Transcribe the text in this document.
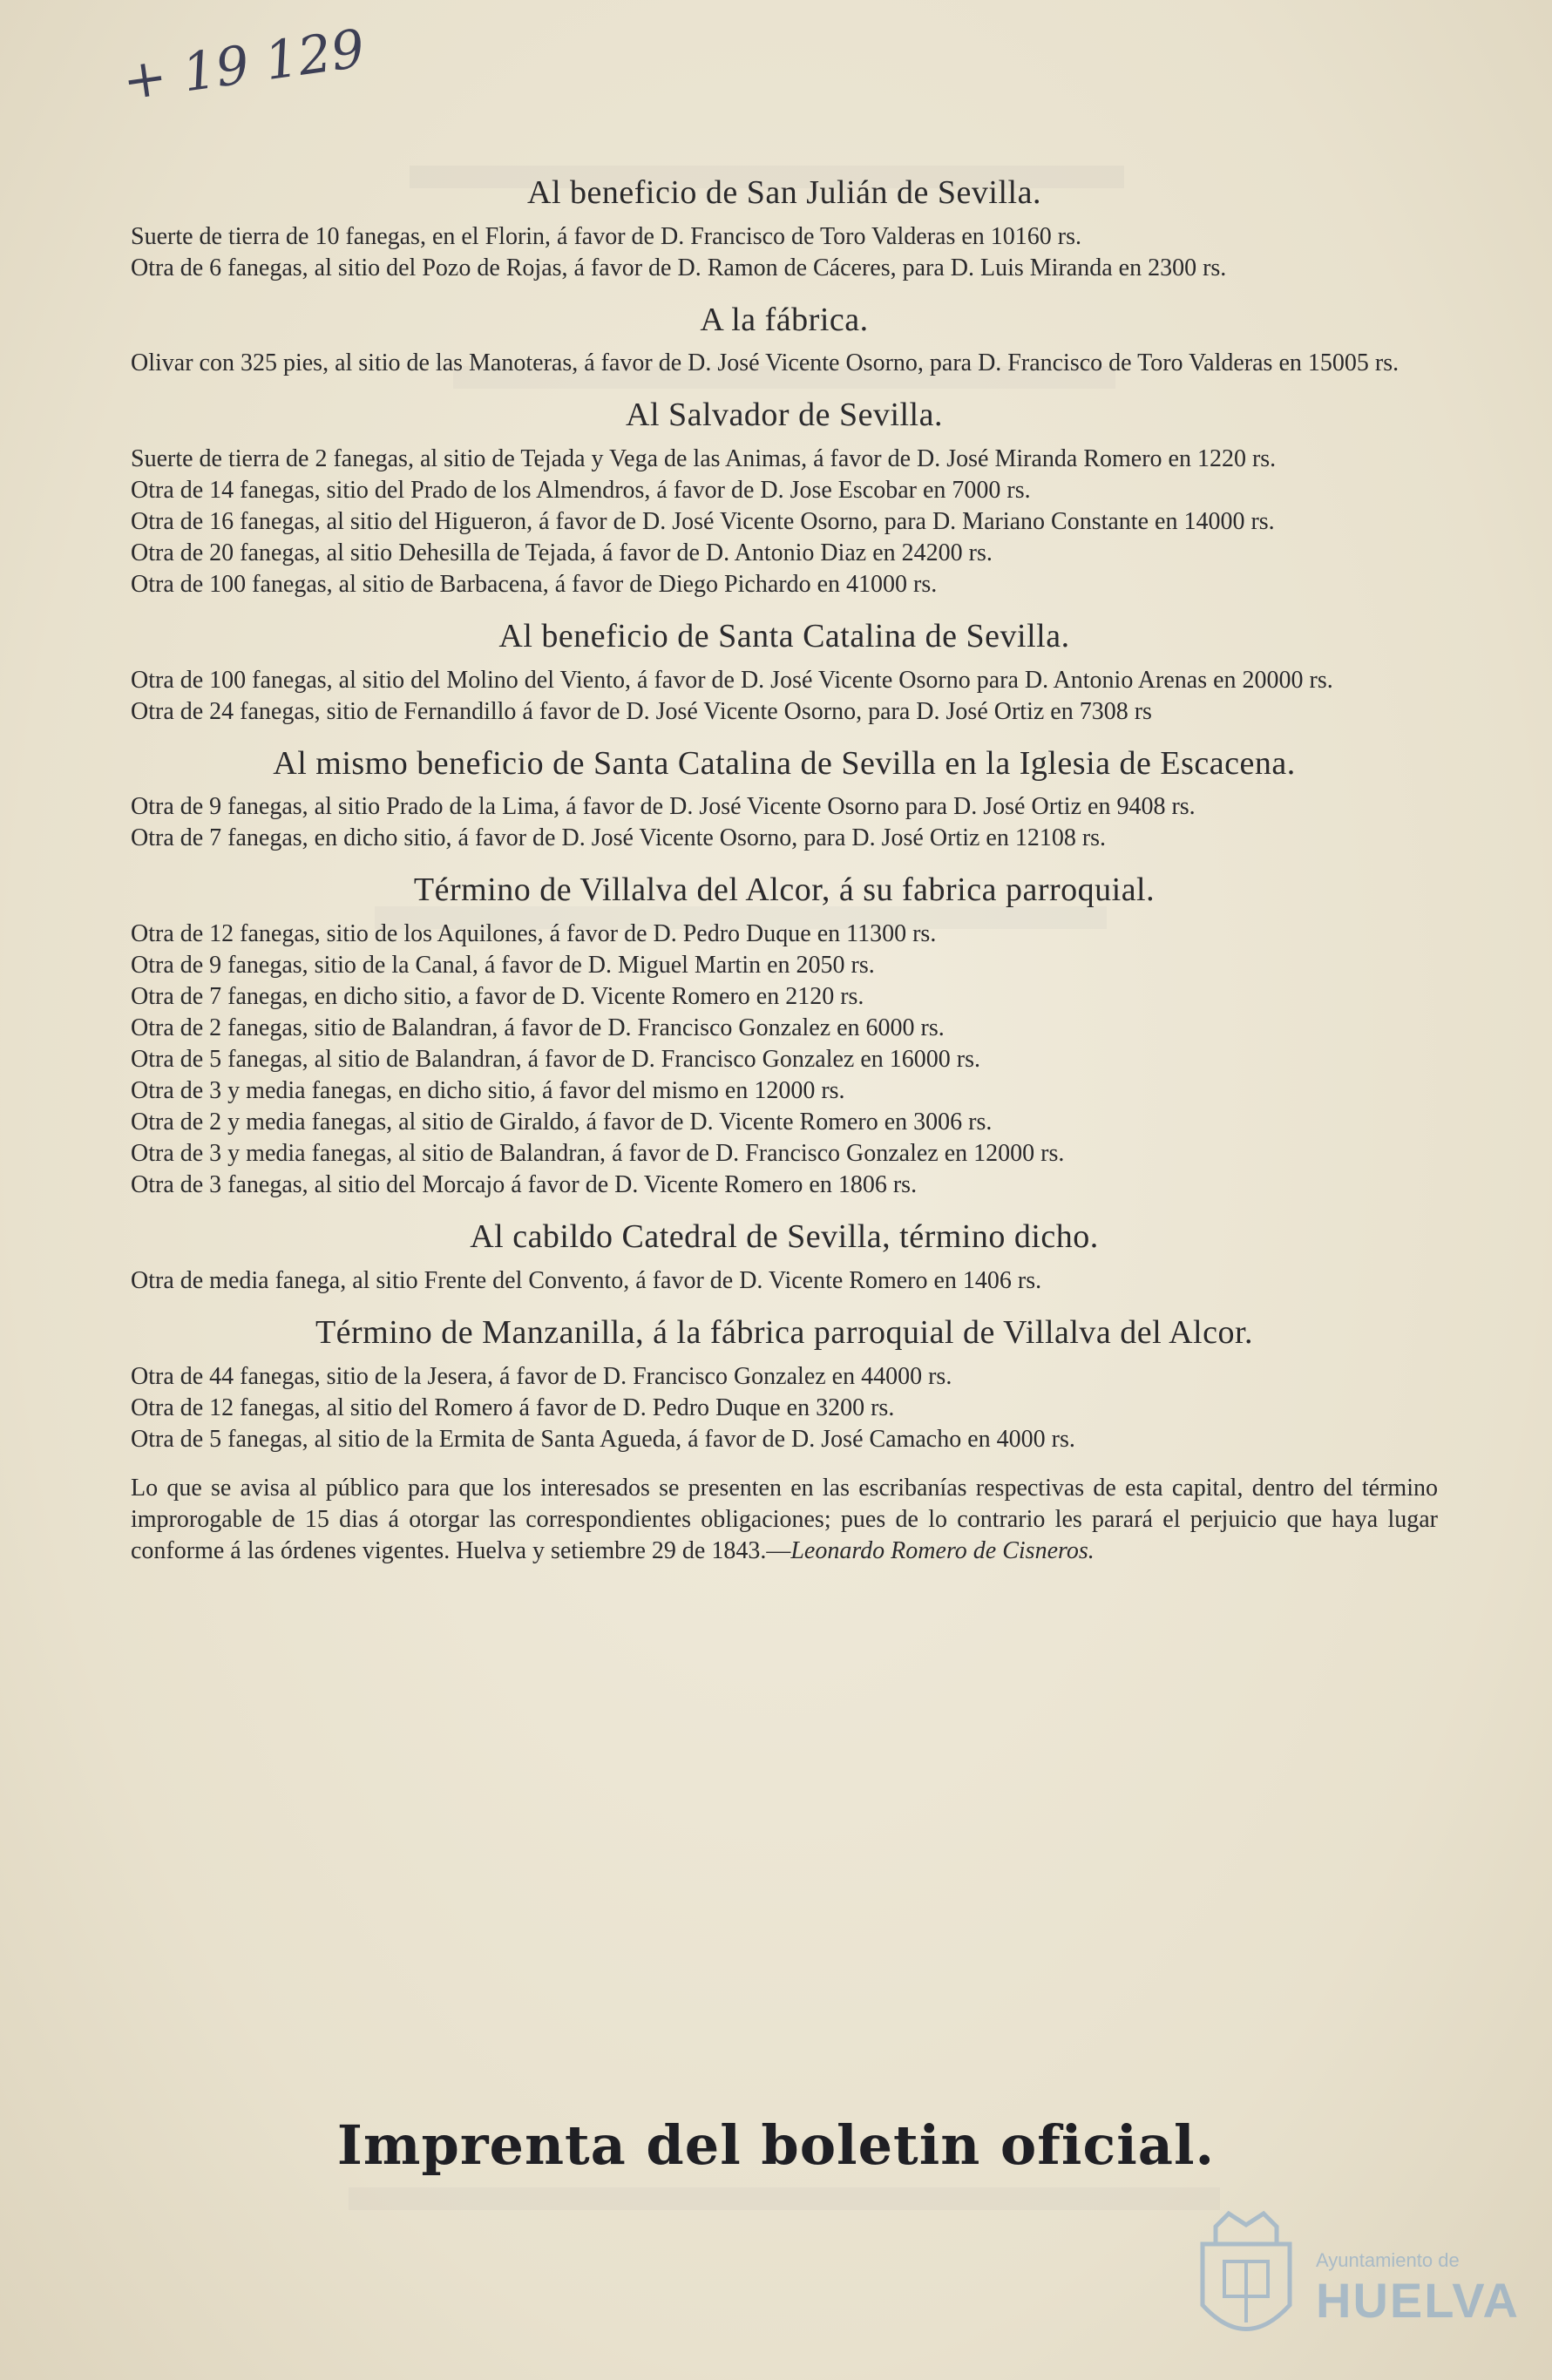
+ 19 129

Al beneficio de San Julián de Sevilla.

Suerte de tierra de 10 fanegas, en el Florin, á favor de D. Francisco de Toro Valderas en 10160 rs.

Otra de 6 fanegas, al sitio del Pozo de Rojas, á favor de D. Ramon de Cáceres, para D. Luis Miranda en 2300 rs.

A la fábrica.

Olivar con 325 pies, al sitio de las Manoteras, á favor de D. José Vicente Osorno, para D. Francisco de Toro Valderas en 15005 rs.

Al Salvador de Sevilla.

Suerte de tierra de 2 fanegas, al sitio de Tejada y Vega de las Animas, á favor de D. José Miranda Romero en 1220 rs.

Otra de 14 fanegas, sitio del Prado de los Almendros, á favor de D. Jose Escobar en 7000 rs.

Otra de 16 fanegas, al sitio del Higueron, á favor de D. José Vicente Osorno, para D. Mariano Constante en 14000 rs.

Otra de 20 fanegas, al sitio Dehesilla de Tejada, á favor de D. Antonio Diaz en 24200 rs.

Otra de 100 fanegas, al sitio de Barbacena, á favor de Diego Pichardo en 41000 rs.

Al beneficio de Santa Catalina de Sevilla.

Otra de 100 fanegas, al sitio del Molino del Viento, á favor de D. José Vicente Osorno para D. Antonio Arenas en 20000 rs.

Otra de 24 fanegas, sitio de Fernandillo á favor de D. José Vicente Osorno, para D. José Ortiz en 7308 rs

Al mismo beneficio de Santa Catalina de Sevilla en la Iglesia de Escacena.

Otra de 9 fanegas, al sitio Prado de la Lima, á favor de D. José Vicente Osorno para D. José Ortiz en 9408 rs.

Otra de 7 fanegas, en dicho sitio, á favor de D. José Vicente Osorno, para D. José Ortiz en 12108 rs.

Término de Villalva del Alcor, á su fabrica parroquial.

Otra de 12 fanegas, sitio de los Aquilones, á favor de D. Pedro Duque en 11300 rs.

Otra de 9 fanegas, sitio de la Canal, á favor de D. Miguel Martin en 2050 rs.

Otra de 7 fanegas, en dicho sitio, a favor de D. Vicente Romero en 2120 rs.

Otra de 2 fanegas, sitio de Balandran, á favor de D. Francisco Gonzalez en 6000 rs.

Otra de 5 fanegas, al sitio de Balandran, á favor de D. Francisco Gonzalez en 16000 rs.

Otra de 3 y media fanegas, en dicho sitio, á favor del mismo en 12000 rs.

Otra de 2 y media fanegas, al sitio de Giraldo, á favor de D. Vicente Romero en 3006 rs.

Otra de 3 y media fanegas, al sitio de Balandran, á favor de D. Francisco Gonzalez en 12000 rs.

Otra de 3 fanegas, al sitio del Morcajo á favor de D. Vicente Romero en 1806 rs.

Al cabildo Catedral de Sevilla, término dicho.

Otra de media fanega, al sitio Frente del Convento, á favor de D. Vicente Romero en 1406 rs.

Término de Manzanilla, á la fábrica parroquial de Villalva del Alcor.

Otra de 44 fanegas, sitio de la Jesera, á favor de D. Francisco Gonzalez en 44000 rs.

Otra de 12 fanegas, al sitio del Romero á favor de D. Pedro Duque en 3200 rs.

Otra de 5 fanegas, al sitio de la Ermita de Santa Agueda, á favor de D. José Camacho en 4000 rs.

Lo que se avisa al público para que los interesados se presenten en las escribanías respectivas de esta capital, dentro del término improrogable de 15 dias á otorgar las correspondientes obligaciones; pues de lo contrario les parará el perjuicio que haya lugar conforme á las órdenes vigentes. Huelva y setiembre 29 de 1843.—Leonardo Romero de Cisneros.

Imprenta del boletin oficial.
Ayuntamiento de
HUELVA
